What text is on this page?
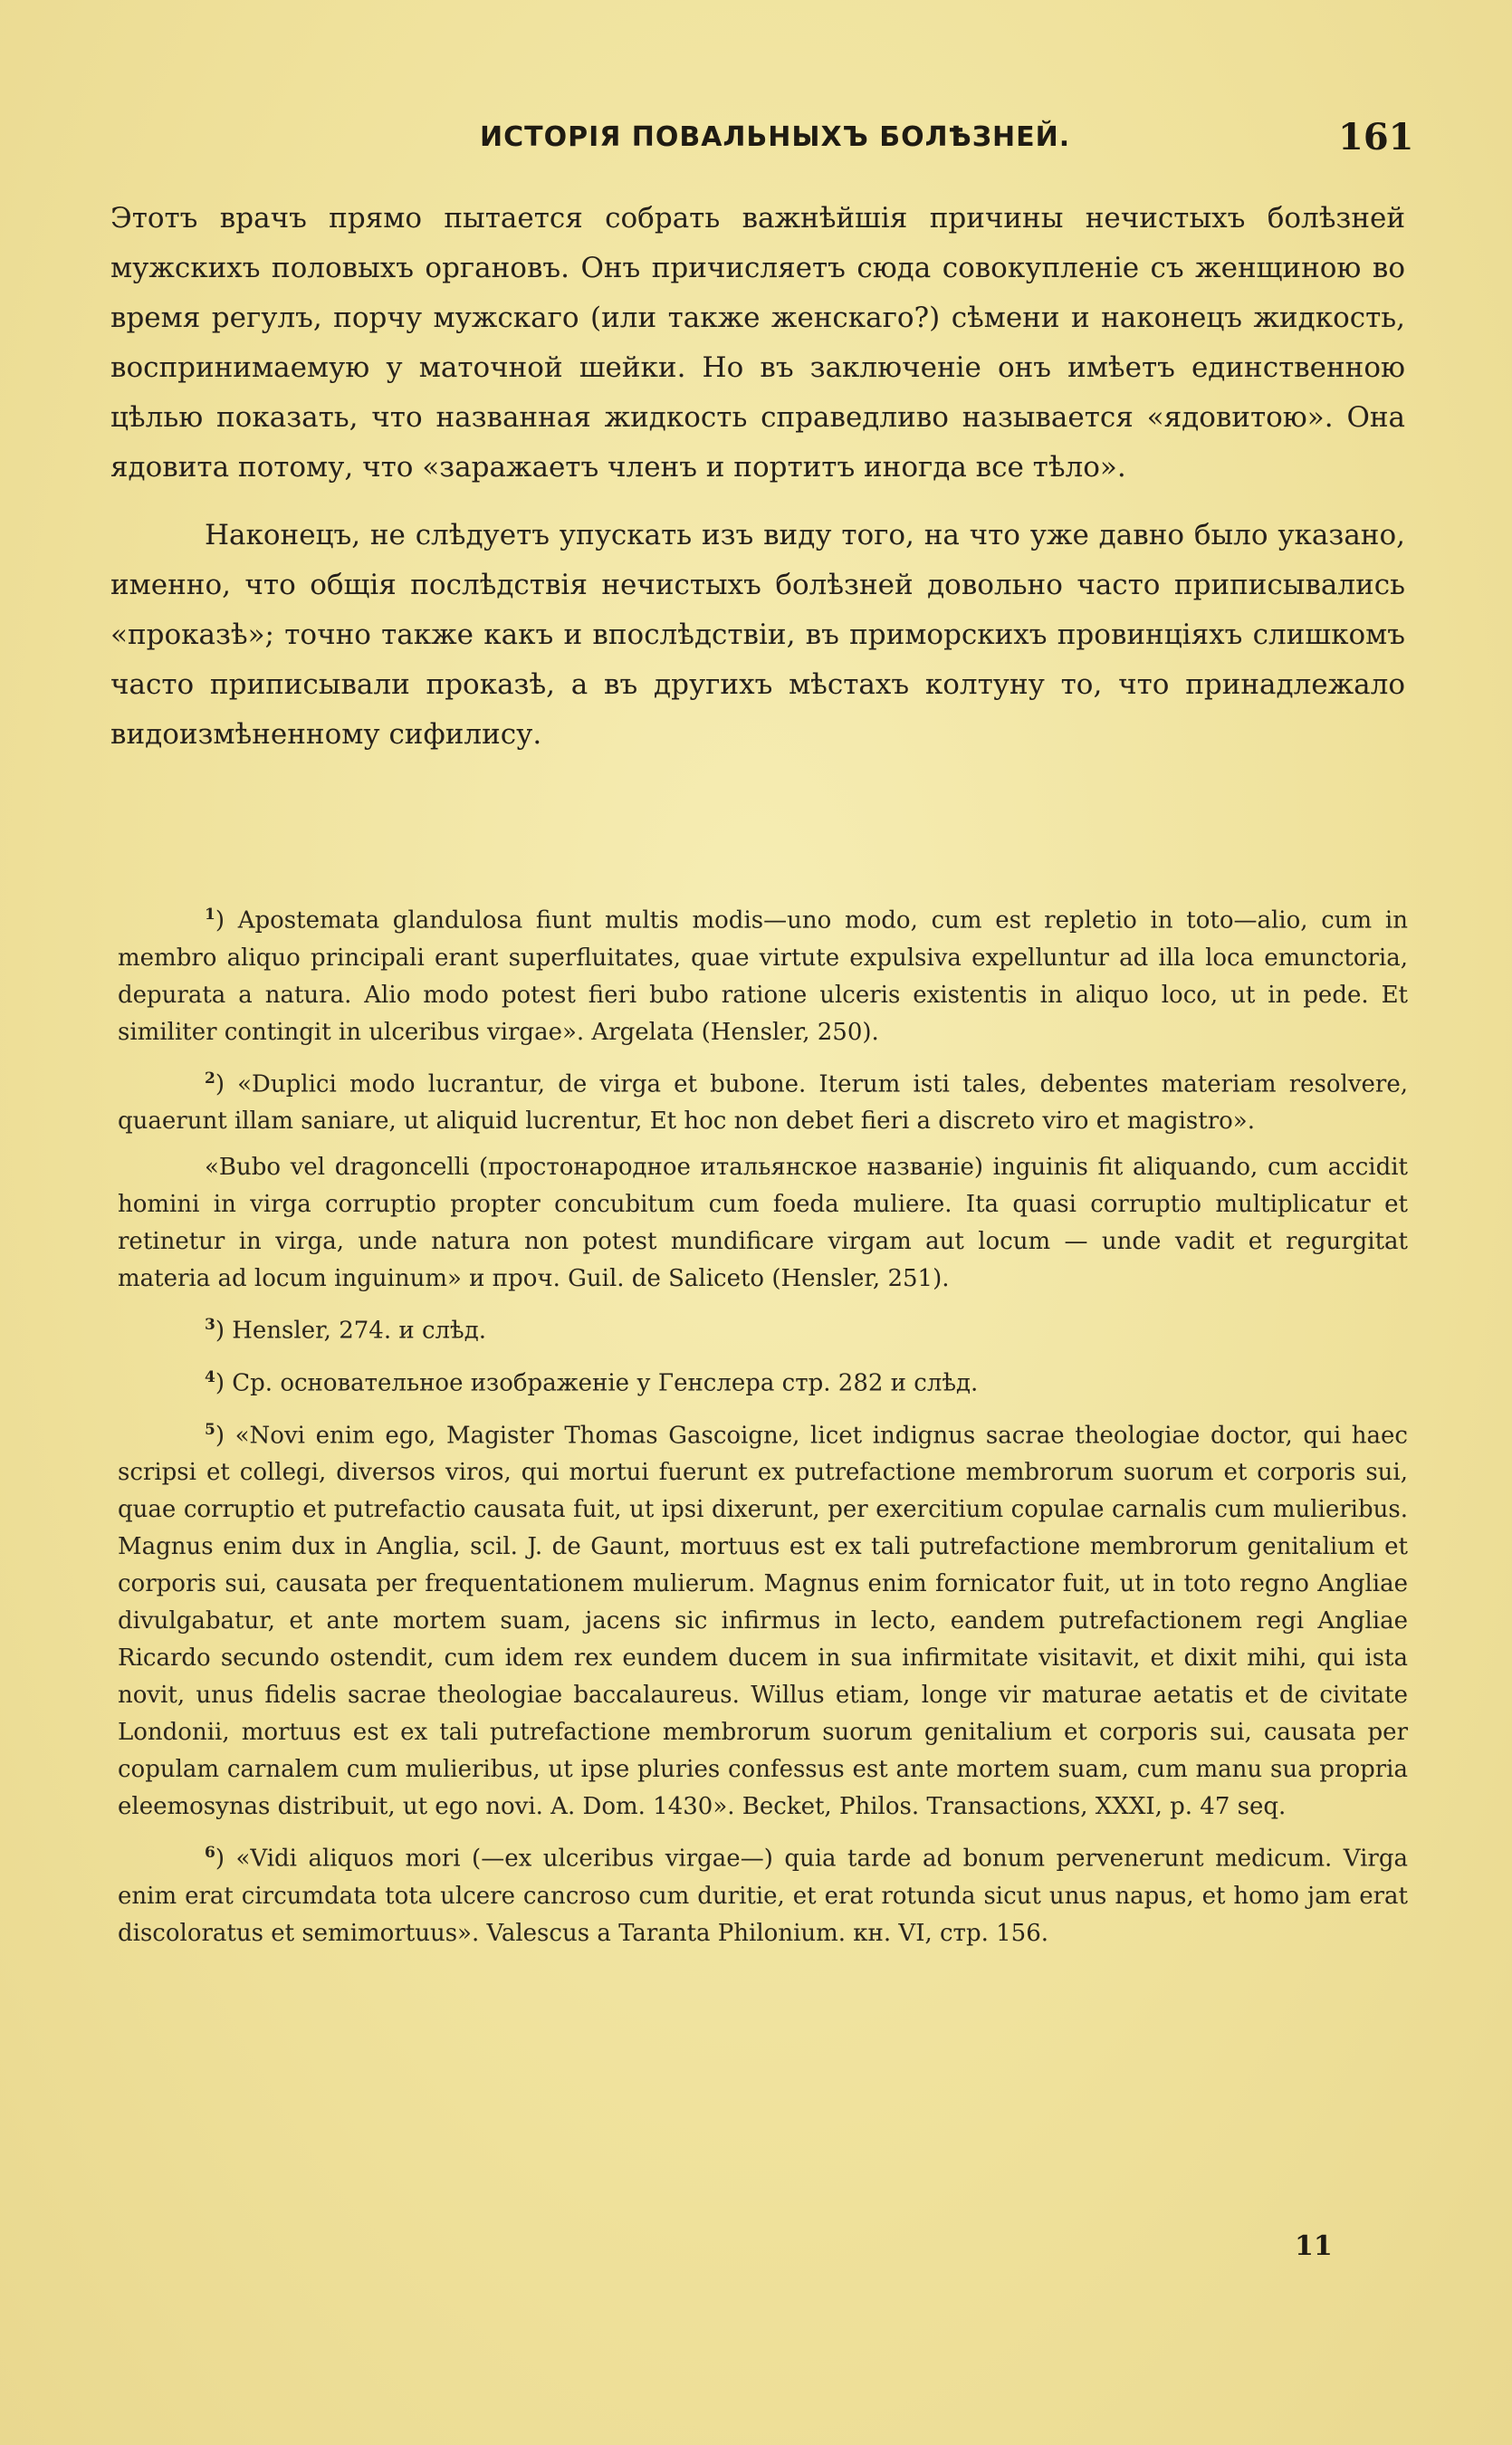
ИСТОРІЯ ПОВАЛЬНЫХЪ БОЛѢЗНЕЙ.	161

Этотъ врачъ прямо пытается собрать важнѣйшія причины нечистыхъ болѣзней мужскихъ половыхъ органовъ. Онъ причисляетъ сюда совокупленіе съ женщиною во время регулъ, порчу мужскаго (или также женскаго?) сѣмени и наконецъ жидкость, воспринимаемую у маточной шейки. Но въ заключеніе онъ имѣетъ единственною цѣлью показать, что названная жидкость справедливо называется «ядовитою». Она ядовита потому, что «заражаетъ членъ и портитъ иногда все тѣло».

Наконецъ, не слѣдуетъ упускать изъ виду того, на что уже давно было указано, именно, что общія послѣдствія нечистыхъ болѣзней довольно часто приписывались «проказѣ»; точно также какъ и впослѣдствіи, въ приморскихъ провинціяхъ слишкомъ часто приписывали проказѣ, а въ другихъ мѣстахъ колтуну то, что принадлежало видоизмѣненному сифилису.

$^1$) Apostemata glandulosa fiunt multis modis—uno modo, cum est repletio in toto—alio, cum in membro aliquo principali erant superfluitates, quae virtute expulsiva expelluntur ad illa loca emunctoria, depurata a natura. Alio modo potest fieri bubo ratione ulceris existentis in aliquo loco, ut in pede. Et similiter contingit in ulceribus virgae». Argelata (Hensler, 250).

$^2$) «Duplici modo lucrantur, de virga et bubone. Iterum isti tales, debentes materiam resolvere, quaerunt illam saniare, ut aliquid lucrentur, Et hoc non debet fieri a discreto viro et magistro».

«Bubo vel dragoncelli (простонародное итальянское названіе) inguinis fit aliquando, cum accidit homini in virga corruptio propter concubitum cum foeda muliere. Ita quasi corruptio multiplicatur et retinetur in virga, unde natura non potest mundificare virgam aut locum — unde vadit et regurgitat materia ad locum inguinum» и проч. Guil. de Saliceto (Hensler, 251).

$^3$) Hensler, 274. и слѣд.

$^4$) Ср. основательное изображеніе у Генслера стр. 282 и слѣд.

$^5$) «Novi enim ego, Magister Thomas Gascoigne, licet indignus sacrae theologiae doctor, qui haec scripsi et collegi, diversos viros, qui mortui fuerunt ex putrefactione membrorum suorum et corporis sui, quae corruptio et putrefactio causata fuit, ut ipsi dixerunt, per exercitium copulae carnalis cum mulieribus. Magnus enim dux in Anglia, scil. J. de Gaunt, mortuus est ex tali putrefactione membrorum genitalium et corporis sui, causata per frequentationem mulierum. Magnus enim fornicator fuit, ut in toto regno Angliae divulgabatur, et ante mortem suam, jacens sic infirmus in lecto, eandem putrefactionem regi Angliae Ricardo secundo ostendit, cum idem rex eundem ducem in sua infirmitate visitavit, et dixit mihi, qui ista novit, unus fidelis sacrae theologiae baccalaureus. Willus etiam, longe vir maturae aetatis et de civitate Londonii, mortuus est ex tali putrefactione membrorum suorum genitalium et corporis sui, causata per copulam carnalem cum mulieribus, ut ipse pluries confessus est ante mortem suam, cum manu sua propria eleemosynas distribuit, ut ego novi. A. Dom. 1430». Becket, Philos. Transactions, XXXI, p. 47 seq.

$^6$) «Vidi aliquos mori (—ex ulceribus virgae—) quia tarde ad bonum pervenerunt medicum. Virga enim erat circumdata tota ulcere cancroso cum duritie, et erat rotunda sicut unus napus, et homo jam erat discoloratus et semimortuus». Valescus a Taranta Philonium. кн. VI, стр. 156.

11
